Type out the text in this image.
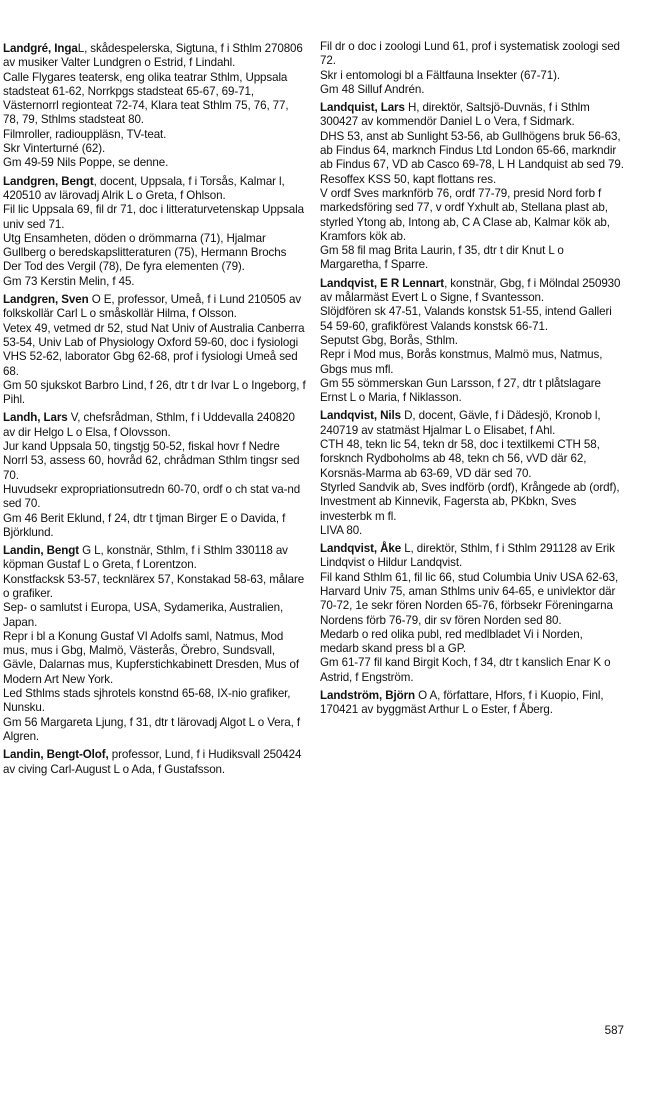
Landgré, IngaL, skådespelerska, Sigtuna, f i Sthlm 270806 av musiker Valter Lundgren o Estrid, f Lindahl.
Calle Flygares teatersk, eng olika teatrar Sthlm, Uppsala stadsteat 61-62, Norrkpgs stadsteat 65-67, 69-71, Västernorrl regionteat 72-74, Klara teat Sthlm 75, 76, 77, 78, 79, Sthlms stadsteat 80.
Filmroller, radiouppläsn, TV-teat.
Skr Vinterturné (62).
Gm 49-59 Nils Poppe, se denne.
Landgren, Bengt, docent, Uppsala, f i Torsås, Kalmar l, 420510 av lärovadj Alrik L o Greta, f Ohlson.
Fil lic Uppsala 69, fil dr 71, doc i litteraturvetenskap Uppsala univ sed 71.
Utg Ensamheten, döden o drömmarna (71), Hjalmar Gullberg o beredskapslitteraturen (75), Hermann Brochs Der Tod des Vergil (78), De fyra elementen (79).
Gm 73 Kerstin Melin, f 45.
Landgren, Sven O E, professor, Umeå, f i Lund 210505 av folkskollär Carl L o småskollär Hilma, f Olsson.
Vetex 49, vetmed dr 52, stud Nat Univ of Australia Canberra 53-54, Univ Lab of Physiology Oxford 59-60, doc i fysiologi VHS 52-62, laborator Gbg 62-68, prof i fysiologi Umeå sed 68.
Gm 50 sjukskot Barbro Lind, f 26, dtr t dr Ivar L o Ingeborg, f Pihl.
Landh, Lars V, chefsrådman, Sthlm, f i Uddevalla 240820 av dir Helgo L o Elsa, f Olovsson.
Jur kand Uppsala 50, tingstjg 50-52, fiskal hovr f Nedre Norrl 53, assess 60, hovråd 62, chrådman Sthlm tingsr sed 70.
Huvudsekr expropriationsutredn 60-70, ordf o ch stat va-nd sed 70.
Gm 46 Berit Eklund, f 24, dtr t tjman Birger E o Davida, f Björklund.
Landin, Bengt G L, konstnär, Sthlm, f i Sthlm 330118 av köpman Gustaf L o Greta, f Lorentzon.
Konstfacksk 53-57, tecknlärex 57, Konstakad 58-63, målare o grafiker.
Sep- o samlutst i Europa, USA, Sydamerika, Australien, Japan.
Repr i bl a Konung Gustaf VI Adolfs saml, Natmus, Mod mus, mus i Gbg, Malmö, Västerås, Örebro, Sundsvall, Gävle, Dalarnas mus, Kupferstichkabinett Dresden, Mus of Modern Art New York.
Led Sthlms stads sjhrotels konstnd 65-68, IX-nio grafiker, Nunsku.
Gm 56 Margareta Ljung, f 31, dtr t lärovadj Algot L o Vera, f Algren.
Landin, Bengt-Olof, professor, Lund, f i Hudiksvall 250424 av civing Carl-August L o Ada, f Gustafsson.
Fil dr o doc i zoologi Lund 61, prof i systematisk zoologi sed 72.
Skr i entomologi bl a Fältfauna Insekter (67-71).
Gm 48 Silluf Andrén.
Landquist, Lars H, direktör, Saltsjö-Duvnäs, f i Sthlm 300427 av kommendör Daniel L o Vera, f Sidmark.
DHS 53, anst ab Sunlight 53-56, ab Gullhögens bruk 56-63, ab Findus 64, marknch Findus Ltd London 65-66, markndir ab Findus 67, VD ab Casco 69-78, L H Landquist ab sed 79.
Resoffex KSS 50, kapt flottans res.
V ordf Sves marknförb 76, ordf 77-79, presid Nord forb f markedsföring sed 77, v ordf Yxhult ab, Stellana plast ab, styrled Ytong ab, Intong ab, C A Clase ab, Kalmar kök ab, Kramfors kök ab.
Gm 58 fil mag Brita Laurin, f 35, dtr t dir Knut L o Margaretha, f Sparre.
Landqvist, E R Lennart, konstnär, Gbg, f i Mölndal 250930 av målarmäst Evert L o Signe, f Svantesson.
Slöjdfören sk 47-51, Valands konstsk 51-55, intend Galleri 54 59-60, grafikförest Valands konstsk 66-71.
Seputst Gbg, Borås, Sthlm.
Repr i Mod mus, Borås konstmus, Malmö mus, Natmus, Gbgs mus mfl.
Gm 55 sömmerskan Gun Larsson, f 27, dtr t plåtslagare Ernst L o Maria, f Niklasson.
Landqvist, Nils D, docent, Gävle, f i Dädesjö, Kronob l, 240719 av statmäst Hjalmar L o Elisabet, f Ahl.
CTH 48, tekn lic 54, tekn dr 58, doc i textilkemi CTH 58, forsknch Rydboholms ab 48, tekn ch 56, vVD där 62, Korsnäs-Marma ab 63-69, VD där sed 70.
Styrled Sandvik ab, Sves indförb (ordf), Krångede ab (ordf), Investment ab Kinnevik, Fagersta ab, PKbkn, Sves investerbk m fl.
LIVA 80.
Landqvist, Åke L, direktör, Sthlm, f i Sthlm 291128 av Erik Lindqvist o Hildur Landqvist.
Fil kand Sthlm 61, fil lic 66, stud Columbia Univ USA 62-63, Harvard Univ 75, aman Sthlms univ 64-65, e univlektor där 70-72, 1e sekr fören Norden 65-76, förbsekr Föreningarna Nordens förb 76-79, dir sv fören Norden sed 80.
Medarb o red olika publ, red medlbladet Vi i Norden, medarb skand press bl a GP.
Gm 61-77 fil kand Birgit Koch, f 34, dtr t kanslich Enar K o Astrid, f Engström.
Landström, Björn O A, författare, Hfors, f i Kuopio, Finl, 170421 av byggmäst Arthur L o Ester, f Åberg.
587
